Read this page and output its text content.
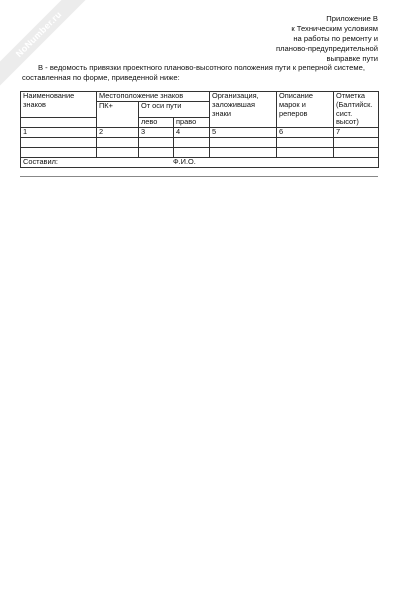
NoNumber.ru	Приложение В
к Техническим условиям
на работы по ремонту и
планово-предупредительной
выправке пути
В - ведомость привязки проектного планово-высотного положения пути к реперной системе, составленная по форме, приведенной ниже:
Наименование знаков	Местоположение знаков			Организация, заложившая знаки	Описание марок и реперов	Отметка (Балтийск. сист. высот)
	ПК+	От оси пути				
		лево	право			
1	2	3	4	5	6	7

Составил: Ф.И.О.						
